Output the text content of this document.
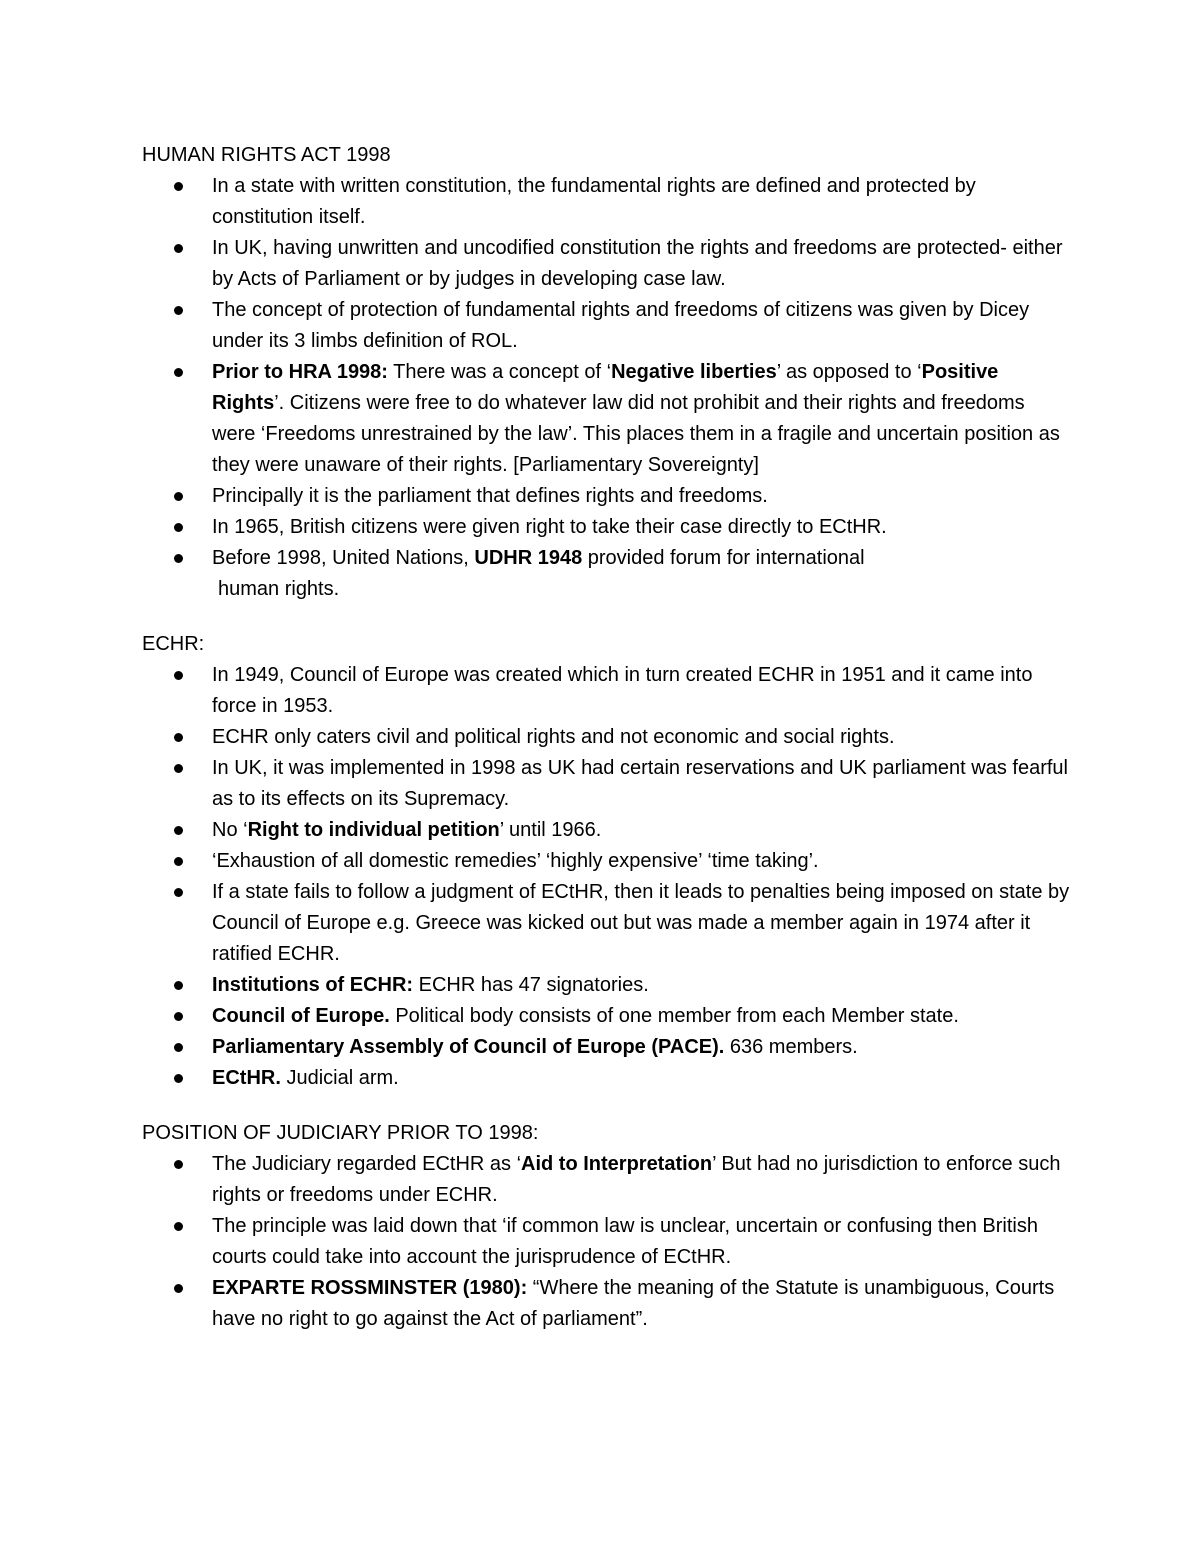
HUMAN RIGHTS ACT 1998
In a state with written constitution, the fundamental rights are defined and protected by constitution itself.
In UK, having unwritten and uncodified constitution the rights and freedoms are protected- either by Acts of Parliament or by judges in developing case law.
The concept of protection of fundamental rights and freedoms of citizens was given by Dicey under its 3 limbs definition of ROL.
Prior to HRA 1998: There was a concept of ‘Negative liberties’ as opposed to ‘Positive Rights’. Citizens were free to do whatever law did not prohibit and their rights and freedoms were ‘Freedoms unrestrained by the law’. This places them in a fragile and uncertain position as they were unaware of their rights. [Parliamentary Sovereignty]
Principally it is the parliament that defines rights and freedoms.
In 1965, British citizens were given right to take their case directly to ECtHR.
Before 1998, United Nations, UDHR 1948 provided forum for international
human rights.
ECHR:
In 1949, Council of Europe was created which in turn created ECHR in 1951 and it came into force in 1953.
ECHR only caters civil and political rights and not economic and social rights.
In UK, it was implemented in 1998 as UK had certain reservations and UK parliament was fearful as to its effects on its Supremacy.
No ‘Right to individual petition’ until 1966.
‘Exhaustion of all domestic remedies’ ‘highly expensive’ ‘time taking’.
If a state fails to follow a judgment of ECtHR, then it leads to penalties being imposed on state by Council of Europe e.g. Greece was kicked out but was made a member again in 1974 after it ratified ECHR.
Institutions of ECHR: ECHR has 47 signatories.
Council of Europe. Political body consists of one member from each Member state.
Parliamentary Assembly of Council of Europe (PACE). 636 members.
ECtHR. Judicial arm.
POSITION OF JUDICIARY PRIOR TO 1998:
The Judiciary regarded ECtHR as ‘Aid to Interpretation’ But had no jurisdiction to enforce such rights or freedoms under ECHR.
The principle was laid down that ‘if common law is unclear, uncertain or confusing then British courts could take into account the jurisprudence of ECtHR.
EXPARTE ROSSMINSTER (1980): “Where the meaning of the Statute is unambiguous, Courts have no right to go against the Act of parliament”.
